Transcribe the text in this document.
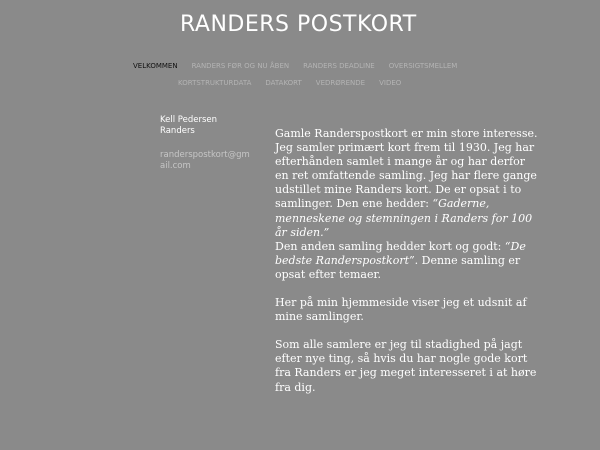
RANDERS POSTKORT
VELKOMMEN RANDERS FØR OG NU ÅBEN RANDERS DEADLINE OVERSIGTSMELLEM
KORTSTRUKTURDATA DATAKORT VEDRØRENDE VIDEO
Kell Pedersen
Randers
randerspostkort@gmail.com

Gamle Randerspostkort er min store interesse. Jeg samler primært kort frem til 1930. Jeg har efterhånden samlet i mange år og har derfor en ret omfattende samling. Jeg har flere gange udstillet mine Randers kort. De er opsat i to samlinger. Den ene hedder: “Gaderne, menneskene og stemningen i Randers for 100 år siden.”

Den anden samling hedder kort og godt: “De bedste Randerspostkort”. Denne samling er opsat efter temaer.

Her på min hjemmeside viser jeg et udsnit af mine samlinger.

Som alle samlere er jeg til stadighed på jagt efter nye ting, så hvis du har nogle gode kort fra Randers er jeg meget interesseret i at høre fra dig.
